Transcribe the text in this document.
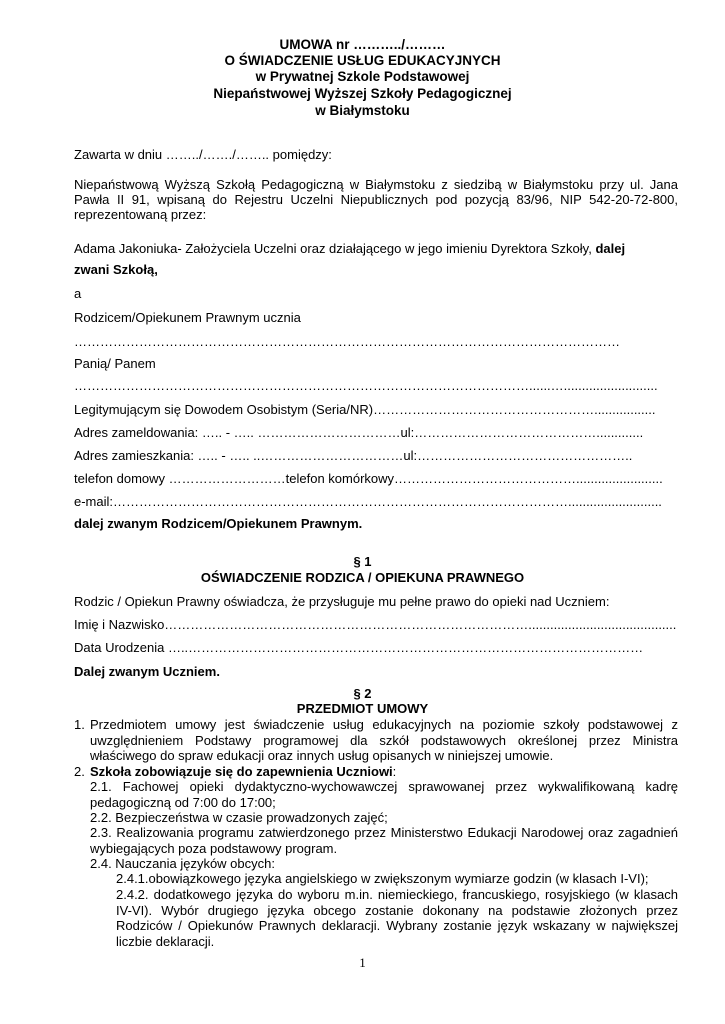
UMOWA nr ………../………
O ŚWIADCZENIE USŁUG EDUKACYJNYCH
w Prywatnej Szkole Podstawowej
Niepaństwowej Wyższej Szkoły Pedagogicznej
w Białymstoku
Zawarta w dniu ……../……./…….. pomiędzy:
Niepaństwową Wyższą Szkołą Pedagogiczną w Białymstoku z siedzibą w Białymstoku przy ul. Jana Pawła II 91, wpisaną do Rejestru Uczelni Niepublicznych pod pozycją 83/96, NIP 542-20-72-800, reprezentowaną przez:
Adama Jakoniuka- Założyciela Uczelni oraz działającego w jego imieniu Dyrektora Szkoły, dalej
zwani Szkołą,
a
Rodzicem/Opiekunem Prawnym ucznia
………………………………………………………………………………………………………………
Panią/ Panem
……………………………………………………………………………………………......…..........................
Legitymującym się Dowodem Osobistym (Seria/NR)…………………………………………….................
Adres zameldowania: ….. - ….. ……………………………ul:…………………………………….............
Adres zamieszkania: ….. - ….. ..……………………………ul:…………………………………………..
telefon domowy ………………………telefon komórkowy……………………………………........................
e-mail:……………………………………………………………………………………………..........................
dalej zwanym Rodzicem/Opiekunem Prawnym.
§ 1
OŚWIADCZENIE RODZICA / OPIEKUNA PRAWNEGO
Rodzic / Opiekun Prawny oświadcza, że przysługuje mu pełne prawo do opieki nad Uczniem:
Imię i Nazwisko………………………………………………………………………….........................................
Data Urodzenia …..……………………………………………………………………………………………
Dalej zwanym Uczniem.
§ 2
PRZEDMIOT UMOWY
1. Przedmiotem umowy jest świadczenie usług edukacyjnych na poziomie szkoły podstawowej z uwzględnieniem Podstawy programowej dla szkół podstawowych określonej przez Ministra właściwego do spraw edukacji oraz innych usług opisanych w niniejszej umowie.
2. Szkoła zobowiązuje się do zapewnienia Uczniowi:
2.1. Fachowej opieki dydaktyczno-wychowawczej sprawowanej przez wykwalifikowaną kadrę pedagogiczną od 7:00 do 17:00;
2.2. Bezpieczeństwa w czasie prowadzonych zajęć;
2.3. Realizowania programu zatwierdzonego przez Ministerstwo Edukacji Narodowej oraz zagadnień wybiegających poza podstawowy program.
2.4. Nauczania języków obcych:
2.4.1.obowiązkowego języka angielskiego w zwiększonym wymiarze godzin (w klasach I-VI);
2.4.2. dodatkowego języka do wyboru m.in. niemieckiego, francuskiego, rosyjskiego (w klasach IV-VI). Wybór drugiego języka obcego zostanie dokonany na podstawie złożonych przez Rodziców / Opiekunów Prawnych deklaracji. Wybrany zostanie język wskazany w największej liczbie deklaracji.
1
